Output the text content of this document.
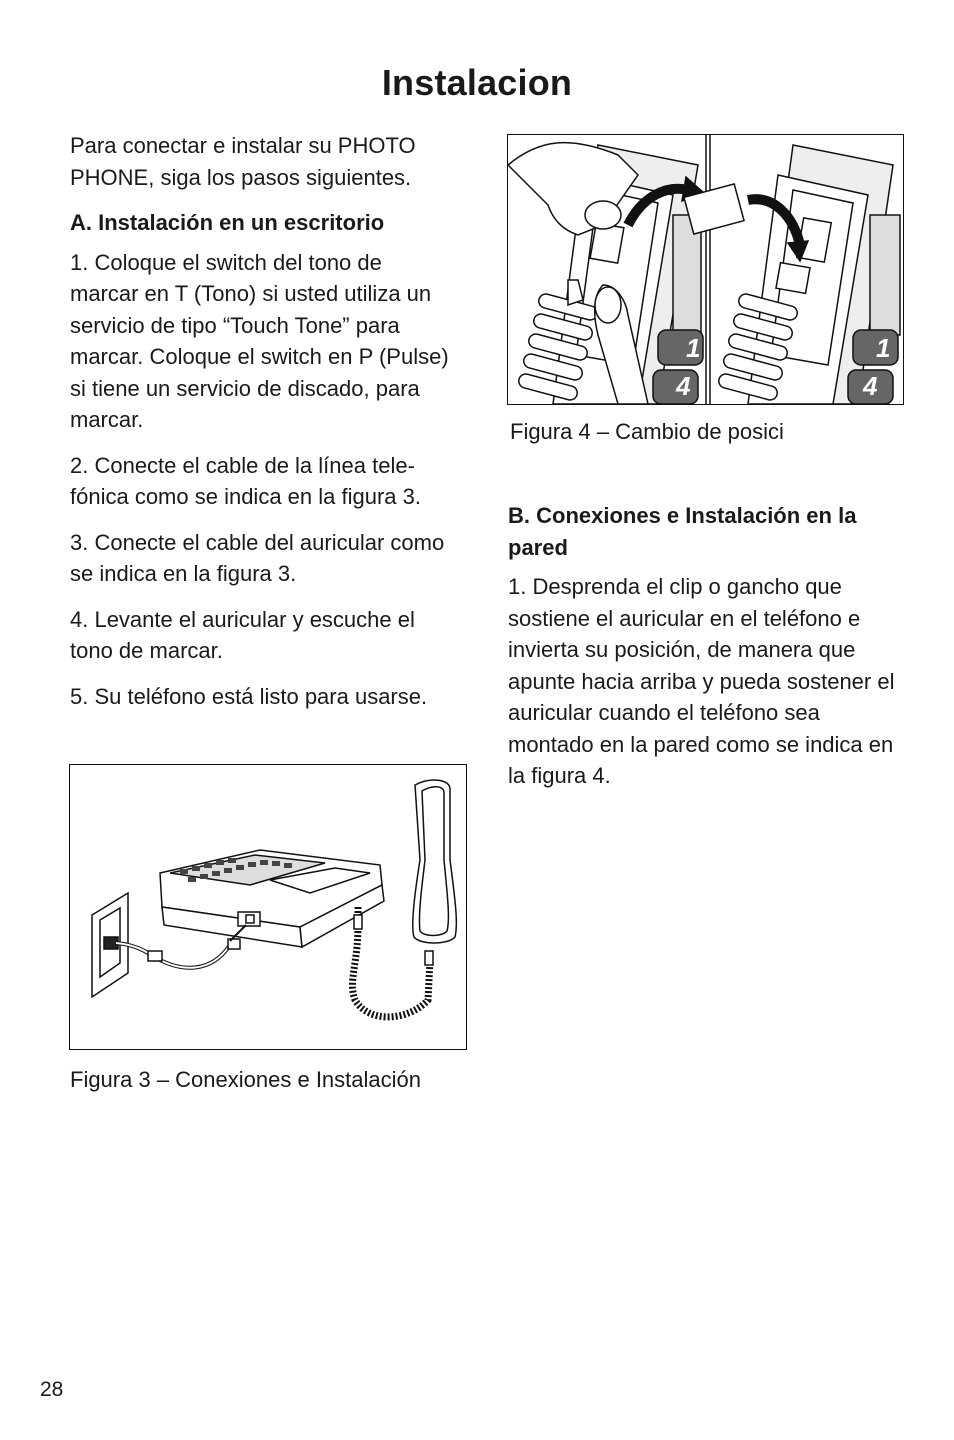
Instalacion

Para conectar e instalar su PHOTO PHONE, siga los pasos siguientes.

A. Instalación en un escritorio

1. Coloque el switch del tono de marcar en T (Tono) si usted utiliza un servicio de tipo “Touch Tone” para marcar. Coloque el switch en P (Pulse) si tiene un servicio de discado, para marcar.

2. Conecte el cable de la línea tele-fónica como se indica en la figura 3.

3. Conecte el cable del auricular como se indica en la figura 3.

4. Levante el auricular y escuche el tono de marcar.

5. Su teléfono está listo para usarse.

Figura 3 – Conexiones e Instalación
1
4
1
4
Figura 4 – Cambio de posici
B. Conexiones e Instalación en la pared

1. Desprenda el clip o gancho que sostiene el auricular en el teléfono e invierta su posición, de manera que apunte hacia arriba y pueda sostener el auricular cuando el teléfono sea montado en la pared como se indica en la figura 4.

28
